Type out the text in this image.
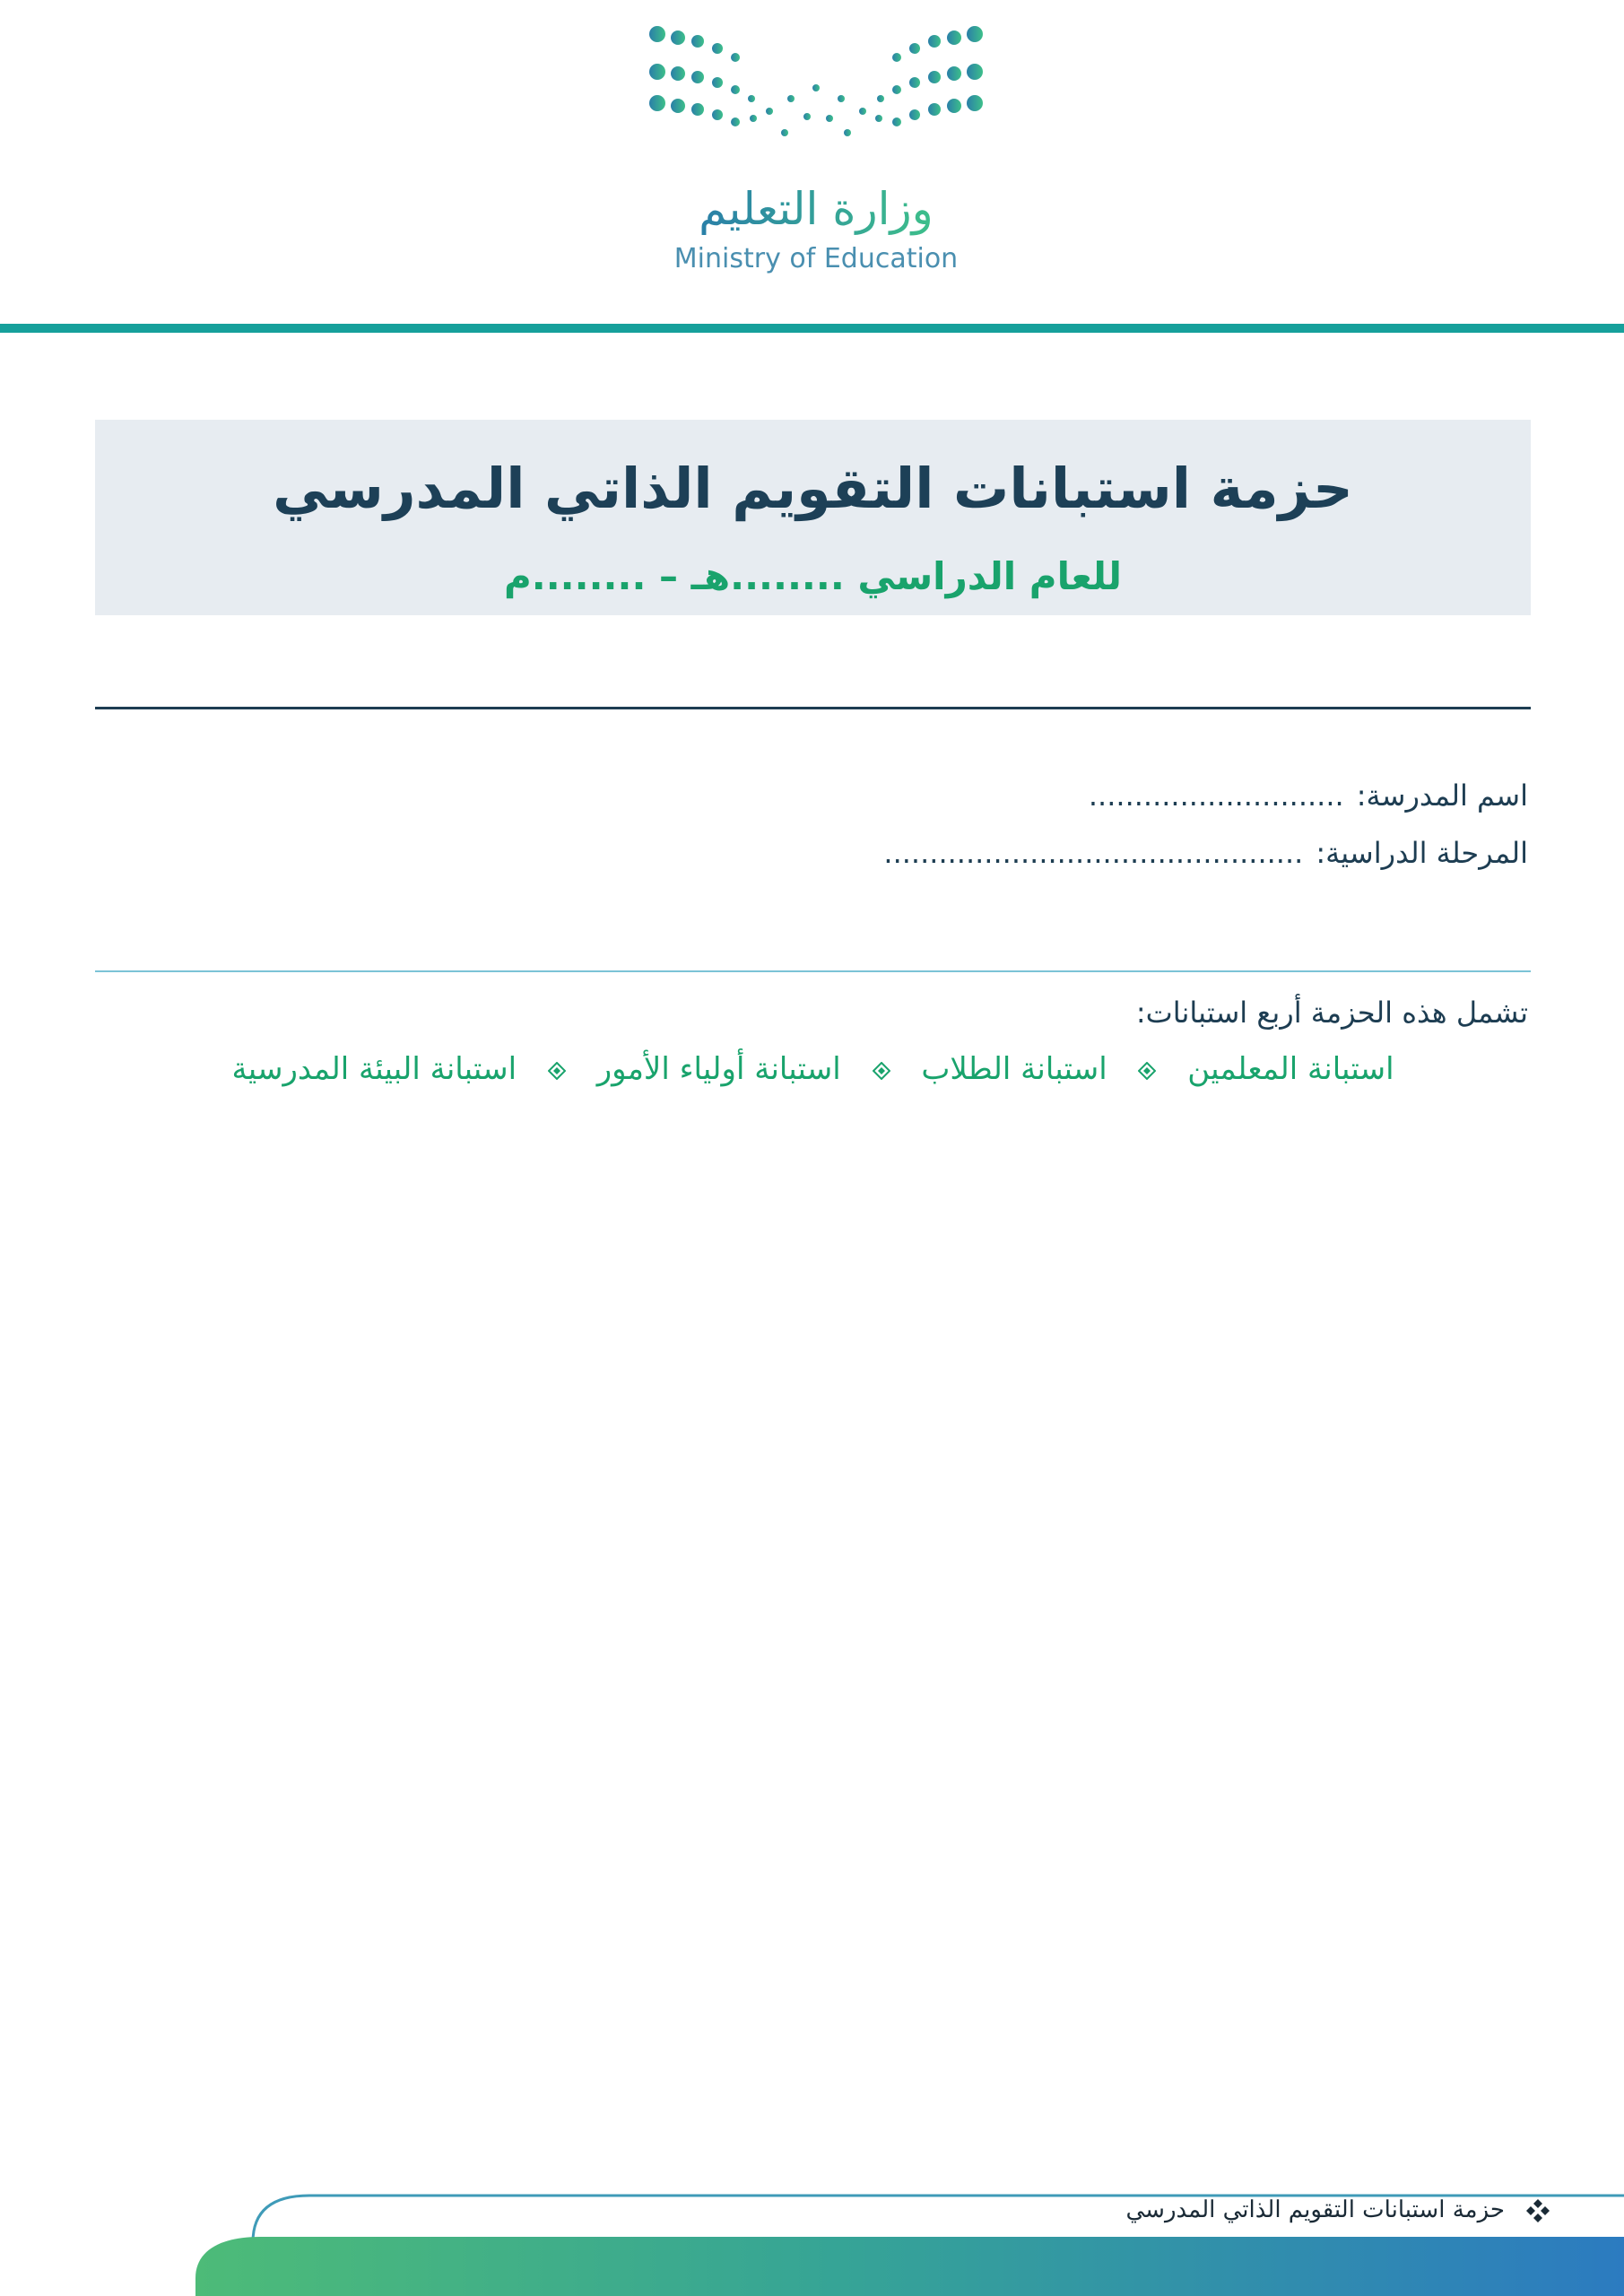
وزارة التعليم
Ministry of Education
حزمة استبانات التقويم الذاتي المدرسي
للعام الدراسي ........هـ – ........م
اسم المدرسة:............................
المرحلة الدراسية:..............................................
تشمل هذه الحزمة أربع استبانات:
استبانة المعلمين
استبانة الطلاب
استبانة أولياء الأمور
استبانة البيئة المدرسية
حزمة استبانات التقويم الذاتي المدرسي
